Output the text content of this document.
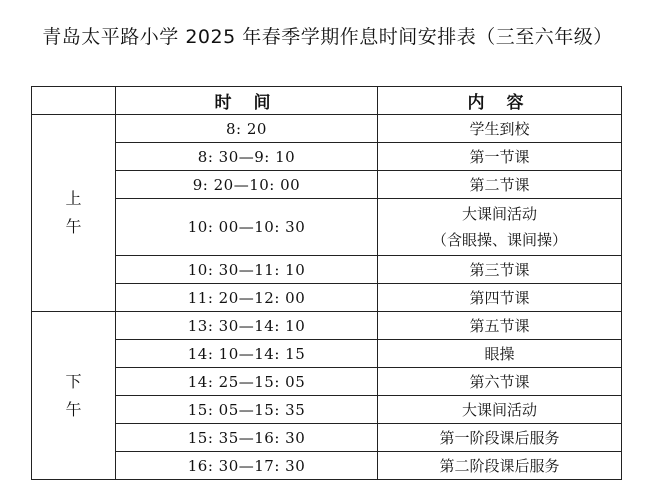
青岛太平路小学 2025 年春季学期作息时间安排表（三至六年级）
	时 间	内 容

上
午	8: 20	学生到校
	8: 30—9: 10	第一节课
	9: 20—10: 00	第二节课
	10: 00—10: 30	大课间活动
（含眼操、课间操）

	10: 30—11: 10	第三节课
	11: 20—12: 00	第四节课

下
午	13: 30—14: 10	第五节课
	14: 10—14: 15	眼操
	14: 25—15: 05	第六节课
	15: 05—15: 35	大课间活动
	15: 35—16: 30	第一阶段课后服务
	16: 30—17: 30	第二阶段课后服务
